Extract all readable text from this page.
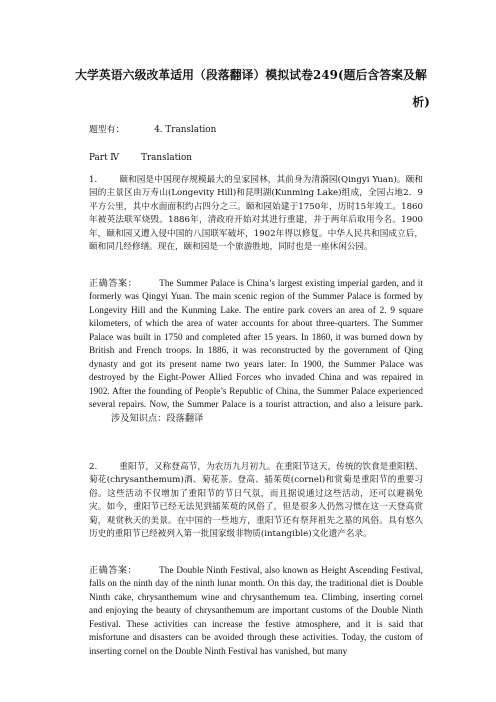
大学英语六级改革适用（段落翻译）模拟试卷249(题后含答案及解
析)
题型有：	4. Translation
Part Ⅳ	Translation
1.	颐和园是中国现存规模最大的皇家园林，其前身为清漪园(Qingyi Yuan)。颐和园的主景区由万寿山(Longevity Hill)和昆明湖(Kunming Lake)组成，全园占地2．9平方公里，其中水面面积约占四分之三。颐和园始建于1750年，历时15年竣工。1860年被英法联军烧毁。1886年，清政府开始对其进行重建，并于两年后取用今名。1900年，颐和园又遭入侵中国的八国联军破坏，1902年得以修复。中华人民共和国成立后，颐和同几经修缮。现在，颐和园是一个旅游胜地，同时也是一座休闲公园。
正确答案： The Summer Palace is China’s largest existing imperial garden, and it formerly was Qingyi Yuan. The main scenic region of the Summer Palace is formed by Longevity Hill and the Kunming Lake. The entire park covers an area of 2. 9 square kilometers, of which the area of water accounts for about three-quarters. The Summer Palace was built in 1750 and completed after 15 years. In 1860, it was burned down by British and French troops. In 1886, it was reconstructed by the government of Qing dynasty and got its present name two years later. In 1900, the Summer Palace was destroyed by the Eight-Power Allied Forces who invaded China and was repaired in 1902. After the founding of People’s Republic of China, the Summer Palace experienced several repairs. Now, the Summer Palace is a tourist attraction, and also a leisure park.涉及知识点：段落翻译
2.	重阳节，又称登高节，为农历九月初九。在重阳节这天，传统的饮食是重阳糕、菊花(chrysanthemum)酒、菊花茶。登高、插茱萸(cornel)和赏菊是重阳节的重要习俗。这些活动不仅增加了重阳节的节日气氛，而且据说通过这些活动，还可以避祸免灾。如今，重阳节已经无法见到插茱萸的风俗了，但是很多人仍然习惯在这一天登高赏菊，观赏秋天的美景。在中国的一些地方，重阳节还有祭拜祖先之墓的风俗。具有悠久历史的重阳节已经被列入第一批国家级非物质(intangible)文化遗产名录。
正确答案： The Double Ninth Festival, also known as Height Ascending Festival, falls on the ninth day of the ninth lunar month. On this day, the traditional diet is Double Ninth cake, chrysanthemum wine and chrysanthemum tea. Climbing, inserting cornel and enjoying the beauty of chrysanthemum are important customs of the Double Ninth Festival. These activities can increase the festive atmosphere, and it is said that misfortune and disasters can be avoided through these activities. Today, the custom of inserting cornel on the Double Ninth Festival has vanished, but many
